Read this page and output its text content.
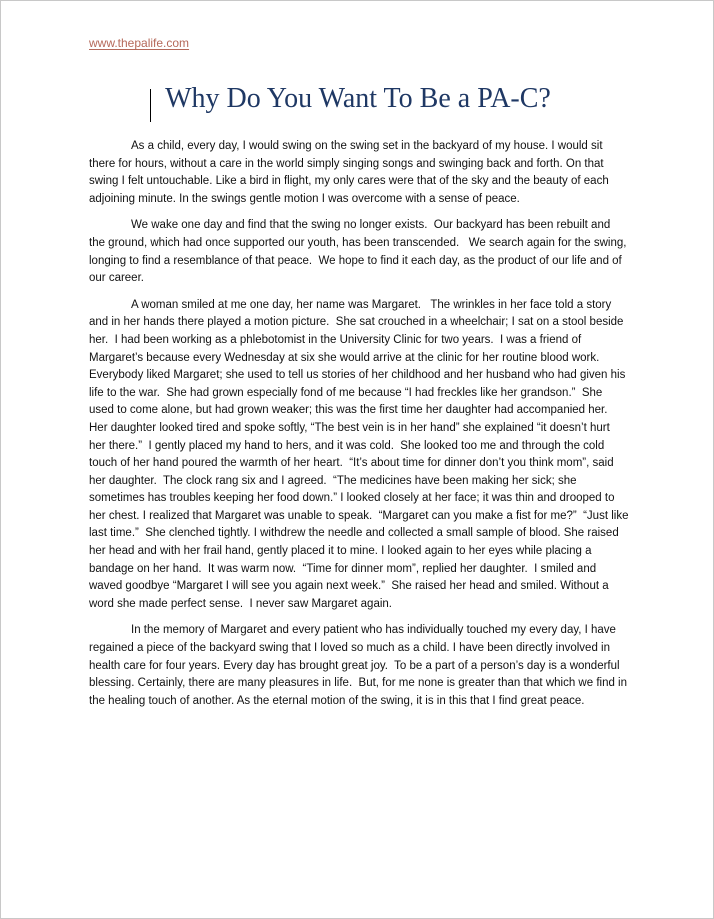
www.thepalife.com
Why Do You Want To Be a PA-C?

As a child, every day, I would swing on the swing set in the backyard of my house. I would sit there for hours, without a care in the world simply singing songs and swinging back and forth. On that swing I felt untouchable. Like a bird in flight, my only cares were that of the sky and the beauty of each adjoining minute. In the swings gentle motion I was overcome with a sense of peace.

We wake one day and find that the swing no longer exists.  Our backyard has been rebuilt and the ground, which had once supported our youth, has been transcended.   We search again for the swing, longing to find a resemblance of that peace.  We hope to find it each day, as the product of our life and of our career.

A woman smiled at me one day, her name was Margaret.   The wrinkles in her face told a story and in her hands there played a motion picture.  She sat crouched in a wheelchair; I sat on a stool beside her.  I had been working as a phlebotomist in the University Clinic for two years.  I was a friend of Margaret’s because every Wednesday at six she would arrive at the clinic for her routine blood work. Everybody liked Margaret; she used to tell us stories of her childhood and her husband who had given his life to the war.  She had grown especially fond of me because “I had freckles like her grandson.”  She used to come alone, but had grown weaker; this was the first time her daughter had accompanied her. Her daughter looked tired and spoke softly, “The best vein is in her hand” she explained “it doesn’t hurt her there.”  I gently placed my hand to hers, and it was cold.  She looked too me and through the cold touch of her hand poured the warmth of her heart.  “It’s about time for dinner don’t you think mom”, said her daughter.  The clock rang six and I agreed.  “The medicines have been making her sick; she sometimes has troubles keeping her food down.” I looked closely at her face; it was thin and drooped to her chest. I realized that Margaret was unable to speak.  “Margaret can you make a fist for me?”  “Just like last time.”  She clenched tightly. I withdrew the needle and collected a small sample of blood. She raised her head and with her frail hand, gently placed it to mine. I looked again to her eyes while placing a bandage on her hand.  It was warm now.  “Time for dinner mom”, replied her daughter.  I smiled and waved goodbye “Margaret I will see you again next week.”  She raised her head and smiled. Without a word she made perfect sense.  I never saw Margaret again.

In the memory of Margaret and every patient who has individually touched my every day, I have regained a piece of the backyard swing that I loved so much as a child. I have been directly involved in health care for four years. Every day has brought great joy.  To be a part of a person’s day is a wonderful blessing. Certainly, there are many pleasures in life.  But, for me none is greater than that which we find in the healing touch of another. As the eternal motion of the swing, it is in this that I find great peace.
